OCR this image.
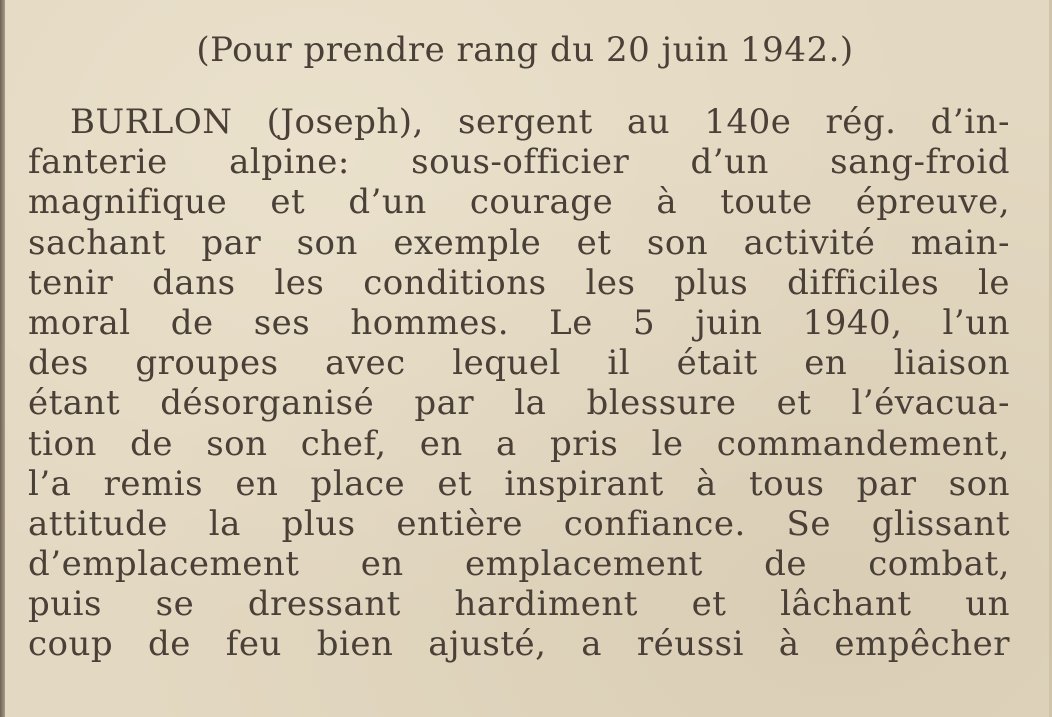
(Pour prendre rang du 20 juin 1942.)
BURLON (Joseph), sergent au 140e rég. d’in-
fanterie alpine: sous-officier d’un sang-froid
magnifique et d’un courage à toute épreuve,
sachant par son exemple et son activité main-
tenir dans les conditions les plus difficiles le
moral de ses hommes. Le 5 juin 1940, l’un
des groupes avec lequel il était en liaison
étant désorganisé par la blessure et l’évacua-
tion de son chef, en a pris le commandement,
l’a remis en place et inspirant à tous par son
attitude la plus entière confiance. Se glissant
d’emplacement en emplacement de combat,
puis se dressant hardiment et lâchant un
coup de feu bien ajusté, a réussi à empêcher
